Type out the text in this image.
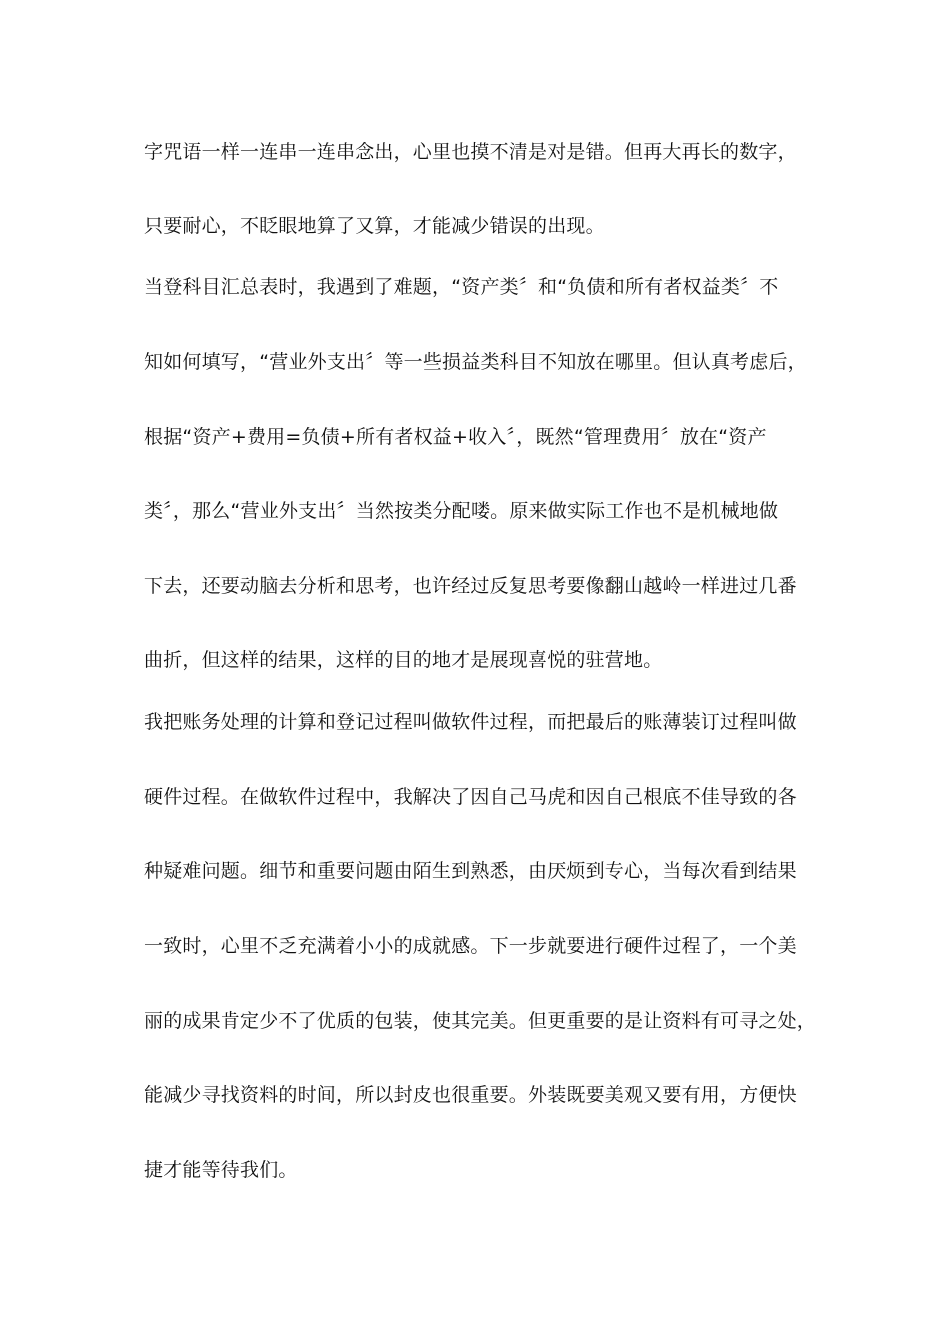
字咒语一样一连串一连串念出，心里也摸不清是对是错。但再大再长的数字，

只要耐心，不眨眼地算了又算，才能减少错误的出现。

当登科目汇总表时，我遇到了难题，“资产类〞和“负债和所有者权益类〞不

知如何填写，“营业外支出〞等一些损益类科目不知放在哪里。但认真考虑后，

根据“资产+费用=负债+所有者权益+收入〞，既然“管理费用〞放在“资产

类〞，那么“营业外支出〞当然按类分配喽。原来做实际工作也不是机械地做

下去，还要动脑去分析和思考，也许经过反复思考要像翻山越岭一样进过几番

曲折，但这样的结果，这样的目的地才是展现喜悦的驻营地。

我把账务处理的计算和登记过程叫做软件过程，而把最后的账薄装订过程叫做

硬件过程。在做软件过程中，我解决了因自己马虎和因自己根底不佳导致的各

种疑难问题。细节和重要问题由陌生到熟悉，由厌烦到专心，当每次看到结果

一致时，心里不乏充满着小小的成就感。下一步就要进行硬件过程了，一个美

丽的成果肯定少不了优质的包装，使其完美。但更重要的是让资料有可寻之处，

能减少寻找资料的时间，所以封皮也很重要。外装既要美观又要有用，方便快

捷才能等待我们。
